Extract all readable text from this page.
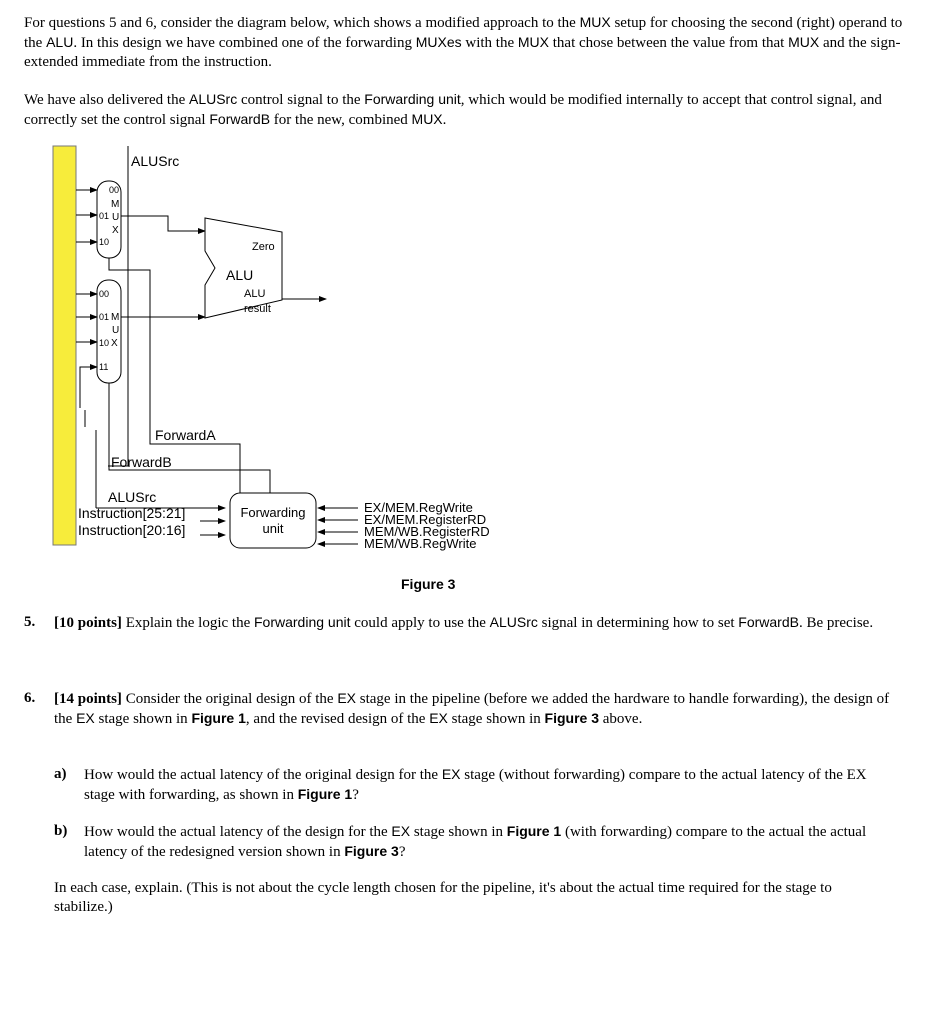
For questions 5 and 6, consider the diagram below, which shows a modified approach to the MUX setup for choosing the second (right) operand to the ALU. In this design we have combined one of the forwarding MUXes with the MUX that chose between the value from that MUX and the sign-extended immediate from the instruction.
We have also delivered the ALUSrc control signal to the Forwarding unit, which would be modified internally to accept that control signal, and correctly set the control signal ForwardB for the new, combined MUX.
ALUSrc
00
01
10
M
U
X
00
01
10
11
M
U
X
Zero
ALU
ALU
result
ForwardA
ForwardB
ALUSrc
Instruction[25:21]
Instruction[20:16]
Forwarding
unit
EX/MEM.RegWrite
EX/MEM.RegisterRD
MEM/WB.RegisterRD
MEM/WB.RegWrite
Figure 3
5. [10 points] Explain the logic the Forwarding unit could apply to use the ALUSrc signal in determining how to set ForwardB. Be precise.
6. [14 points] Consider the original design of the EX stage in the pipeline (before we added the hardware to handle forwarding), the design of the EX stage shown in Figure 1, and the revised design of the EX stage shown in Figure 3 above.
a) How would the actual latency of the original design for the EX stage (without forwarding) compare to the actual latency of the EX stage with forwarding, as shown in Figure 1?
b) How would the actual latency of the design for the EX stage shown in Figure 1 (with forwarding) compare to the actual the actual latency of the redesigned version shown in Figure 3?
In each case, explain. (This is not about the cycle length chosen for the pipeline, it's about the actual time required for the stage to stabilize.)
